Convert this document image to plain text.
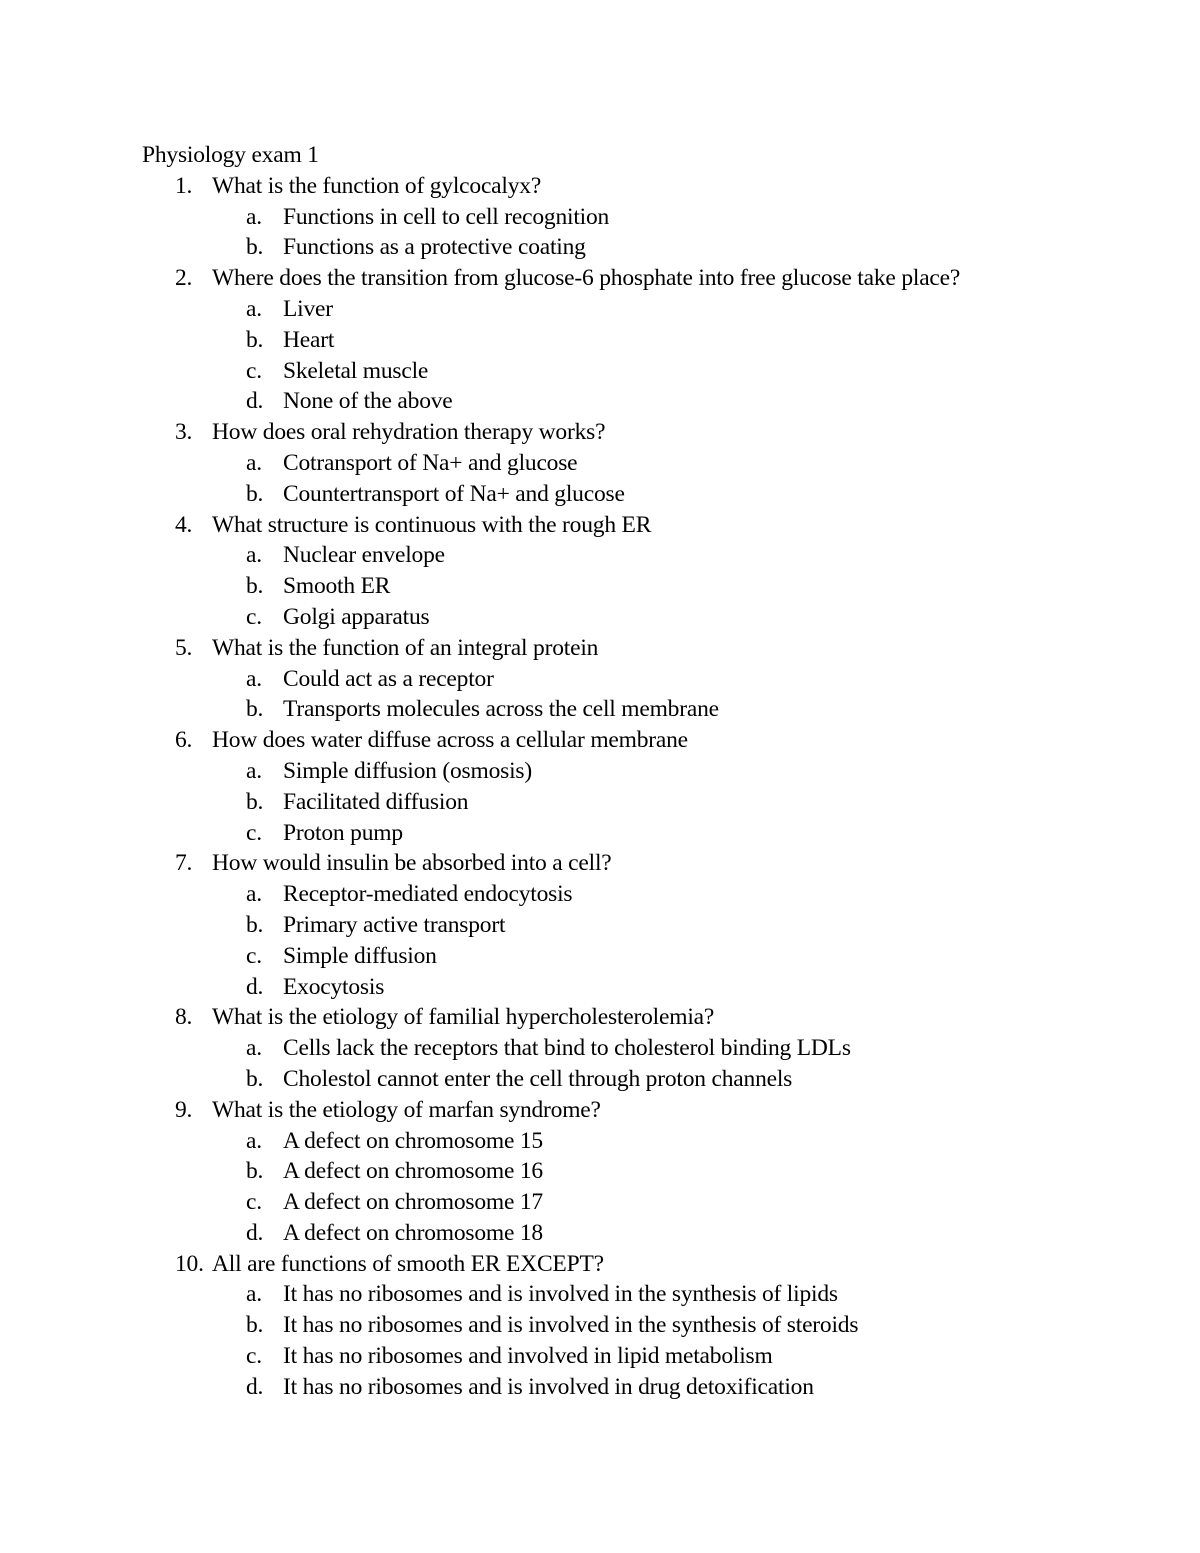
Physiology exam 1
1. What is the function of gylcocalyx?
a. Functions in cell to cell recognition
b. Functions as a protective coating
2. Where does the transition from glucose-6 phosphate into free glucose take place?
a. Liver
b. Heart
c. Skeletal muscle
d. None of the above
3. How does oral rehydration therapy works?
a. Cotransport of Na+ and glucose
b. Countertransport of Na+ and glucose
4. What structure is continuous with the rough ER
a. Nuclear envelope
b. Smooth ER
c. Golgi apparatus
5. What is the function of an integral protein
a. Could act as a receptor
b. Transports molecules across the cell membrane
6. How does water diffuse across a cellular membrane
a. Simple diffusion (osmosis)
b. Facilitated diffusion
c. Proton pump
7. How would insulin be absorbed into a cell?
a. Receptor-mediated endocytosis
b. Primary active transport
c. Simple diffusion
d. Exocytosis
8. What is the etiology of familial hypercholesterolemia?
a. Cells lack the receptors that bind to cholesterol binding LDLs
b. Cholestol cannot enter the cell through proton channels
9. What is the etiology of marfan syndrome?
a. A defect on chromosome 15
b. A defect on chromosome 16
c. A defect on chromosome 17
d. A defect on chromosome 18
10. All are functions of smooth ER EXCEPT?
a. It has no ribosomes and is involved in the synthesis of lipids
b. It has no ribosomes and is involved in the synthesis of steroids
c. It has no ribosomes and involved in lipid metabolism
d. It has no ribosomes and is involved in drug detoxification
